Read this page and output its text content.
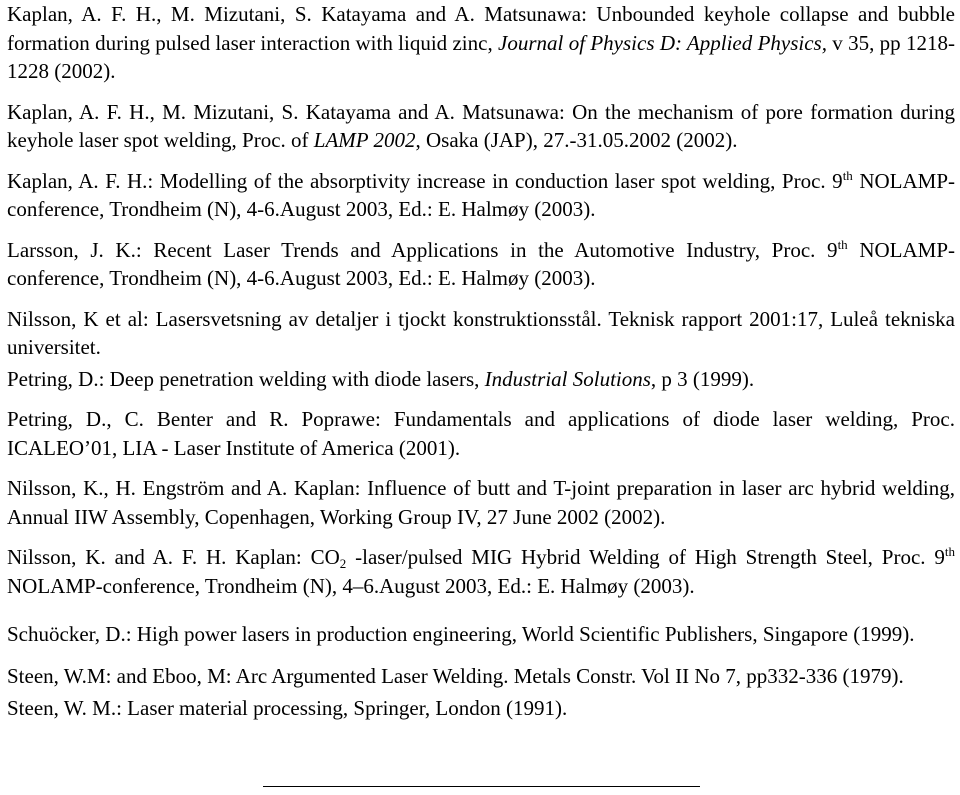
Kaplan, A. F. H., M. Mizutani, S. Katayama and A. Matsunawa: Unbounded keyhole collapse and bubble formation during pulsed laser interaction with liquid zinc, Journal of Physics D: Applied Physics, v 35, pp 1218-1228 (2002).

Kaplan, A. F. H., M. Mizutani, S. Katayama and A. Matsunawa: On the mechanism of pore formation during keyhole laser spot welding, Proc. of LAMP 2002, Osaka (JAP), 27.-31.05.2002 (2002).

Kaplan, A. F. H.: Modelling of the absorptivity increase in conduction laser spot welding, Proc. 9th NOLAMP-conference, Trondheim (N), 4-6.August 2003, Ed.: E. Halmøy (2003).

Larsson, J. K.: Recent Laser Trends and Applications in the Automotive Industry, Proc. 9th NOLAMP-conference, Trondheim (N), 4-6.August 2003, Ed.: E. Halmøy (2003).

Nilsson, K et al: Lasersvetsning av detaljer i tjockt konstruktionsstål. Teknisk rapport 2001:17, Luleå tekniska universitet.

Petring, D.: Deep penetration welding with diode lasers, Industrial Solutions, p 3 (1999).

Petring, D., C. Benter and R. Poprawe: Fundamentals and applications of diode laser welding, Proc. ICALEO’01, LIA - Laser Institute of America (2001).

Nilsson, K., H. Engström and A. Kaplan: Influence of butt and T-joint preparation in laser arc hybrid welding, Annual IIW Assembly, Copenhagen, Working Group IV, 27 June 2002 (2002).

Nilsson, K. and A. F. H. Kaplan: $CO_2$ -laser/pulsed MIG Hybrid Welding of High Strength Steel, Proc. 9th NOLAMP-conference, Trondheim (N), 4–6.August 2003, Ed.: E. Halmøy (2003).

Schuöcker, D.: High power lasers in production engineering, World Scientific Publishers, Singapore (1999).

Steen, W.M: and Eboo, M: Arc Argumented Laser Welding. Metals Constr. Vol II No 7, pp332-336 (1979).

Steen, W. M.: Laser material processing, Springer, London (1991).
